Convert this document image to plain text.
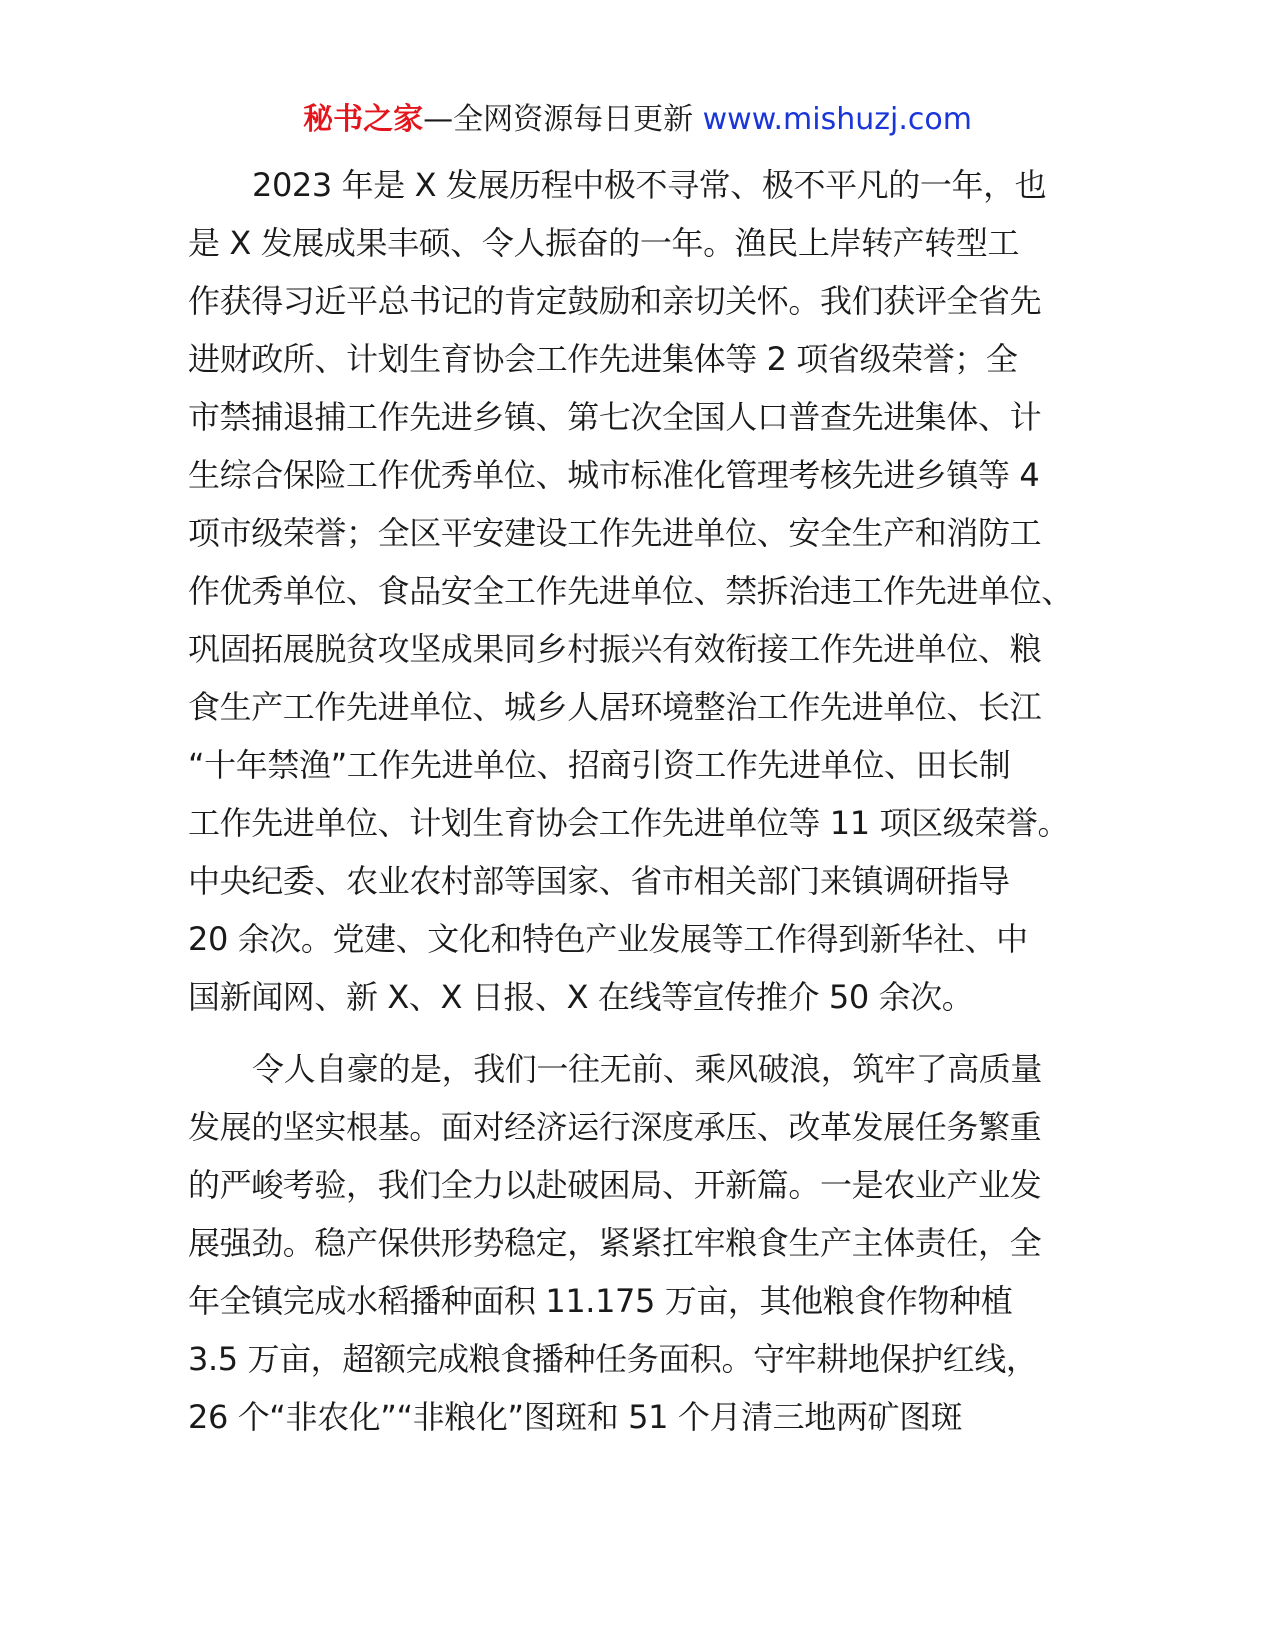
秘书之家—全网资源每日更新 www.mishuzj.com
2023 年是 X 发展历程中极不寻常、极不平凡的一年，也
是 X 发展成果丰硕、令人振奋的一年。渔民上岸转产转型工
作获得习近平总书记的肯定鼓励和亲切关怀。我们获评全省先
进财政所、计划生育协会工作先进集体等 2 项省级荣誉；全
市禁捕退捕工作先进乡镇、第七次全国人口普查先进集体、计
生综合保险工作优秀单位、城市标准化管理考核先进乡镇等 4
项市级荣誉；全区平安建设工作先进单位、安全生产和消防工
作优秀单位、食品安全工作先进单位、禁拆治违工作先进单位、
巩固拓展脱贫攻坚成果同乡村振兴有效衔接工作先进单位、粮
食生产工作先进单位、城乡人居环境整治工作先进单位、长江
“十年禁渔”工作先进单位、招商引资工作先进单位、田长制
工作先进单位、计划生育协会工作先进单位等 11 项区级荣誉。
中央纪委、农业农村部等国家、省市相关部门来镇调研指导
20 余次。党建、文化和特色产业发展等工作得到新华社、中
国新闻网、新 X、X 日报、X 在线等宣传推介 50 余次。
令人自豪的是，我们一往无前、乘风破浪，筑牢了高质量
发展的坚实根基。面对经济运行深度承压、改革发展任务繁重
的严峻考验，我们全力以赴破困局、开新篇。一是农业产业发
展强劲。稳产保供形势稳定，紧紧扛牢粮食生产主体责任，全
年全镇完成水稻播种面积 11.175 万亩，其他粮食作物种植
3.5 万亩，超额完成粮食播种任务面积。守牢耕地保护红线，
26 个“非农化”“非粮化”图斑和 51 个月清三地两矿图斑
